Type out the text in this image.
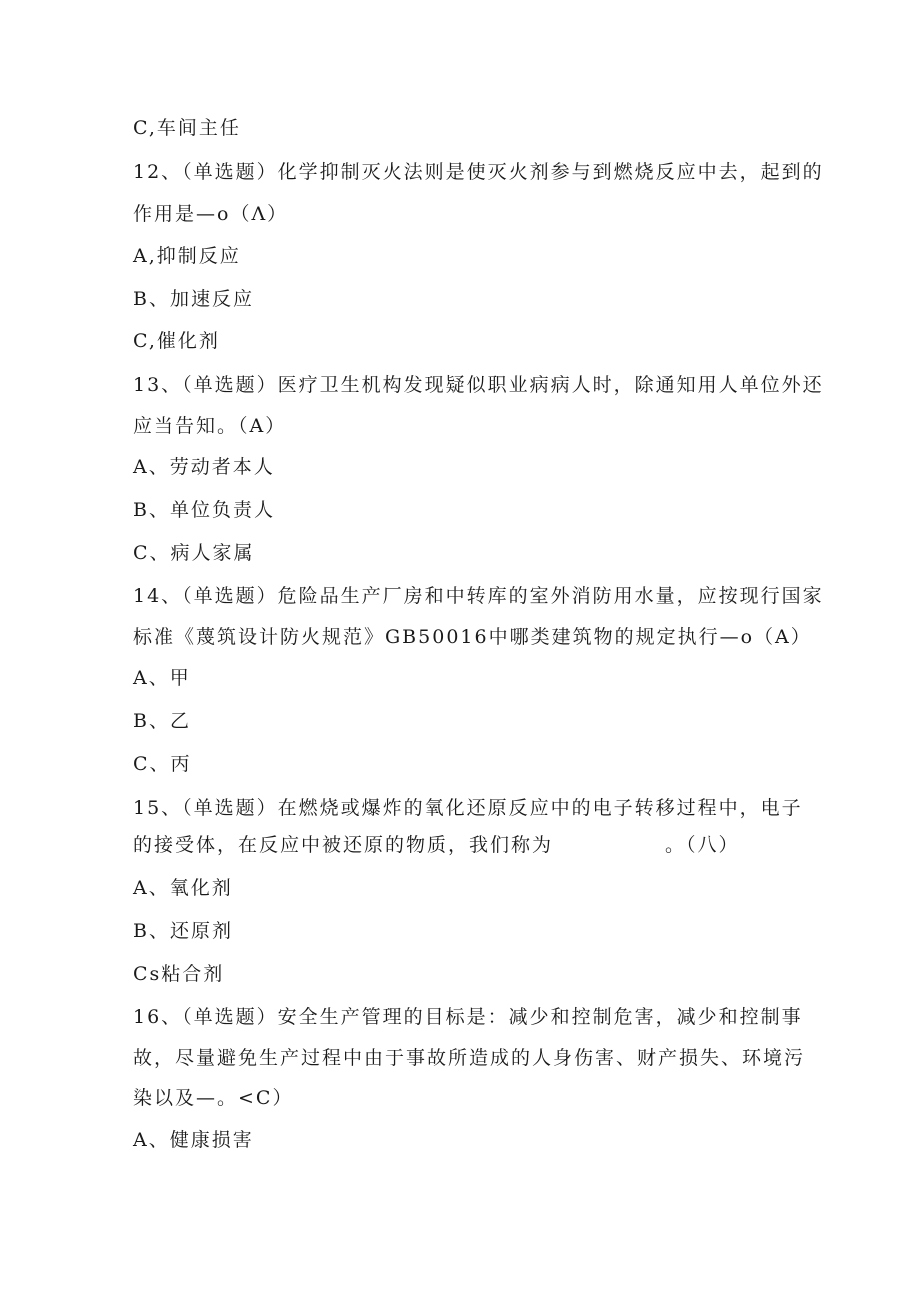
C,车间主任
12、（单选题）化学抑制灭火法则是使灭火剂参与到燃烧反应中去，起到的
作用是—o（Λ）
A,抑制反应
B、加速反应
C,催化剂
13、（单选题）医疗卫生机构发现疑似职业病病人时，除通知用人单位外还
应当告知。（A）
A、劳动者本人
B、单位负责人
C、病人家属
14、（单选题）危险品生产厂房和中转库的室外消防用水量，应按现行国家
标准《蔑筑设计防火规范》GB50016中哪类建筑物的规定执行—o（A）
A、甲
B、乙
C、丙
15、（单选题）在燃烧或爆炸的氧化还原反应中的电子转移过程中，电子
的接受体，在反应中被还原的物质，我们称为	。（八）
A、氧化剂
B、还原剂
Cs粘合剂
16、（单选题）安全生产管理的目标是：减少和控制危害，减少和控制事
故，尽量避免生产过程中由于事故所造成的人身伤害、财产损失、环境污
染以及—。<C）
A、健康损害
